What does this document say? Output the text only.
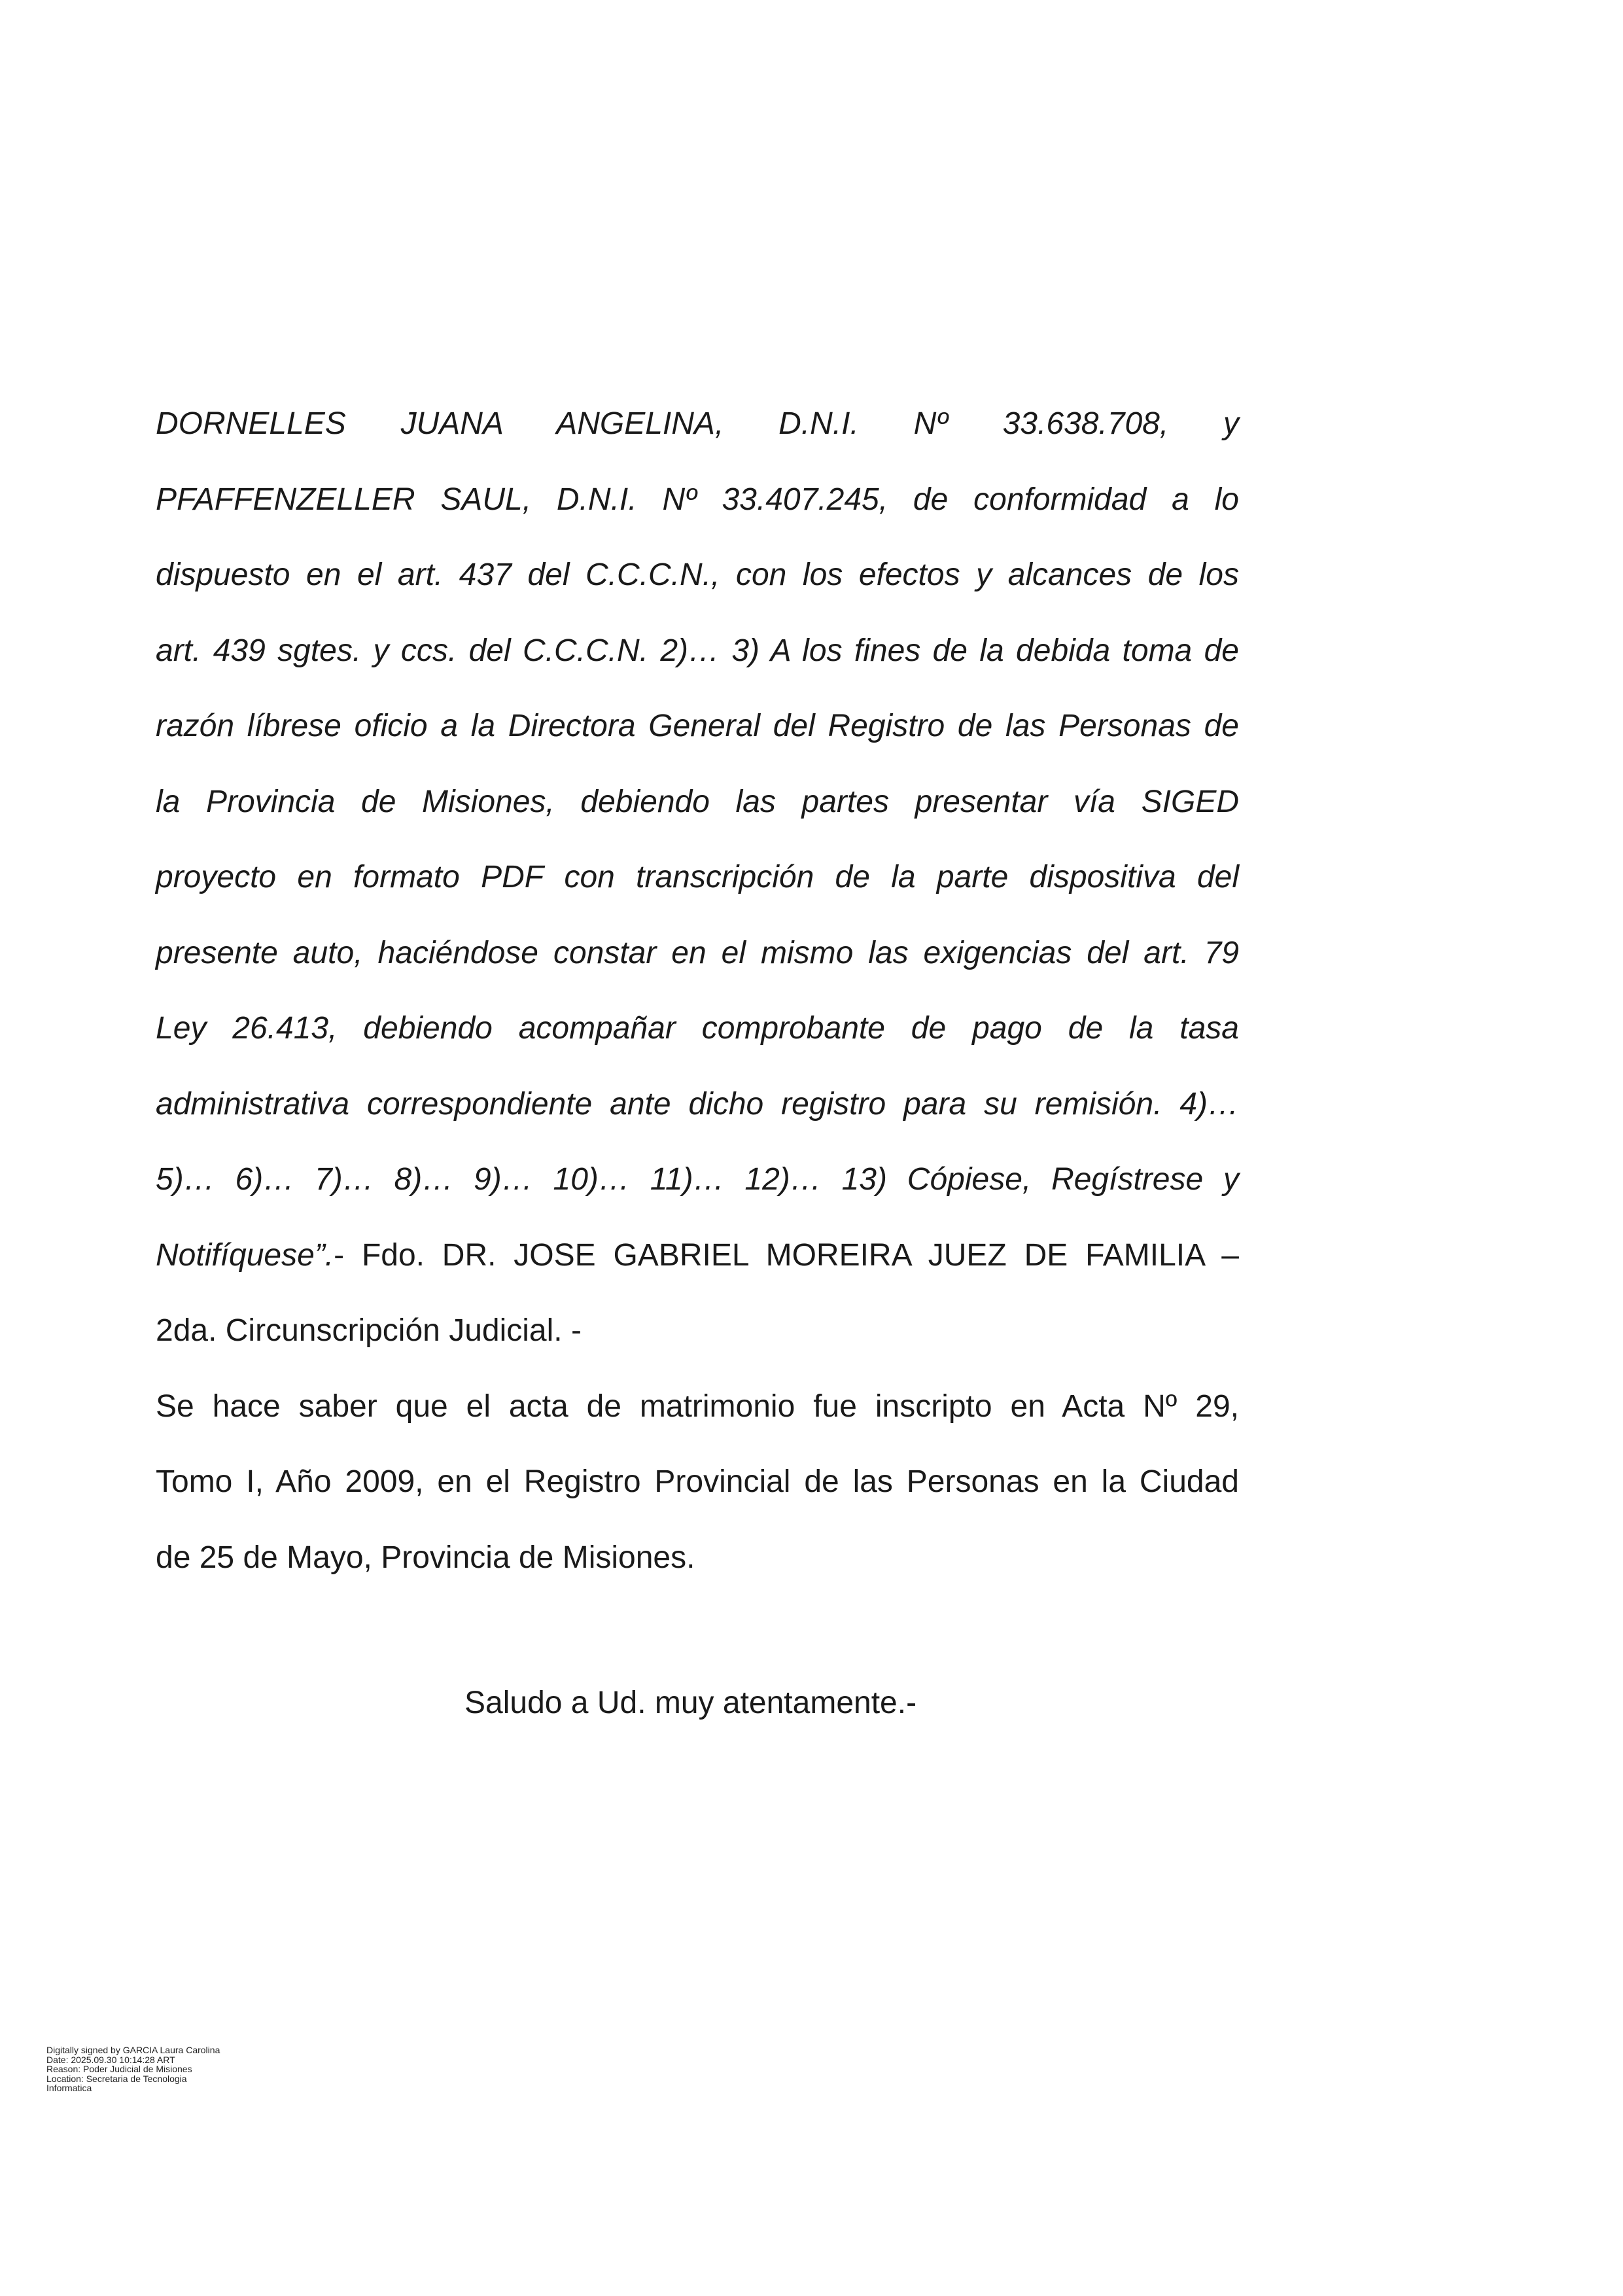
DORNELLES JUANA ANGELINA, D.N.I. Nº 33.638.708, y
PFAFFENZELLER SAUL, D.N.I. Nº 33.407.245, de conformidad a lo
dispuesto en el art. 437 del C.C.C.N., con los efectos y alcances de los
art. 439 sgtes. y ccs. del C.C.C.N. 2)… 3) A los fines de la debida toma de
razón líbrese oficio a la Directora General del Registro de las Personas de
la Provincia de Misiones, debiendo las partes presentar vía SIGED
proyecto en formato PDF con transcripción de la parte dispositiva del
presente auto, haciéndose constar en el mismo las exigencias del art. 79
Ley 26.413, debiendo acompañar comprobante de pago de la tasa
administrativa correspondiente ante dicho registro para su remisión. 4)…
5)… 6)… 7)… 8)… 9)… 10)… 11)… 12)… 13) Cópiese, Regístrese y
Notifíquese”.- Fdo. DR. JOSE GABRIEL MOREIRA JUEZ DE FAMILIA –
2da. Circunscripción Judicial. -
Se hace saber que el acta de matrimonio fue inscripto en Acta Nº 29,
Tomo I, Año 2009, en el Registro Provincial de las Personas en la Ciudad
de 25 de Mayo, Provincia de Misiones.
Saludo a Ud. muy atentamente.-
Digitally signed by GARCIA Laura Carolina
Date: 2025.09.30 10:14:28 ART
Reason: Poder Judicial de Misiones
Location: Secretaria de Tecnologia
Informatica
